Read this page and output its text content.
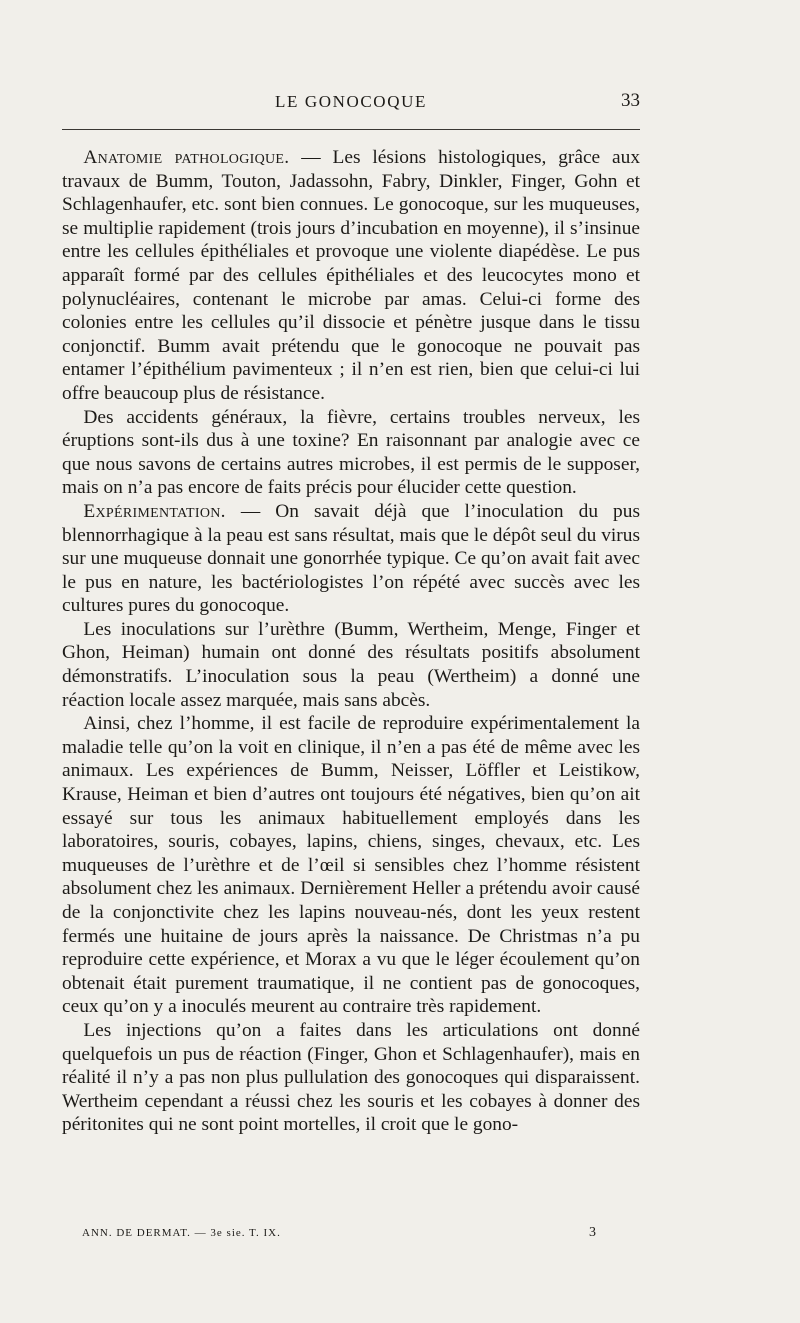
LE GONOCOQUE	33

Anatomie pathologique. — Les lésions histologiques, grâce aux travaux de Bumm, Touton, Jadassohn, Fabry, Dinkler, Finger, Gohn et Schlagenhaufer, etc. sont bien connues. Le gonocoque, sur les muqueuses, se multiplie rapidement (trois jours d’incubation en moyenne), il s’insinue entre les cellules épithéliales et provoque une violente diapédèse. Le pus apparaît formé par des cellules épithéliales et des leucocytes mono et polynucléaires, contenant le microbe par amas. Celui-ci forme des colonies entre les cellules qu’il dissocie et pénètre jusque dans le tissu conjonctif. Bumm avait prétendu que le gonocoque ne pouvait pas entamer l’épithélium pavimenteux ; il n’en est rien, bien que celui-ci lui offre beaucoup plus de résistance.

Des accidents généraux, la fièvre, certains troubles nerveux, les éruptions sont-ils dus à une toxine? En raisonnant par analogie avec ce que nous savons de certains autres microbes, il est permis de le supposer, mais on n’a pas encore de faits précis pour élucider cette question.

Expérimentation. — On savait déjà que l’inoculation du pus blennorrhagique à la peau est sans résultat, mais que le dépôt seul du virus sur une muqueuse donnait une gonorrhée typique. Ce qu’on avait fait avec le pus en nature, les bactériologistes l’on répété avec succès avec les cultures pures du gonocoque.

Les inoculations sur l’urèthre (Bumm, Wertheim, Menge, Finger et Ghon, Heiman) humain ont donné des résultats positifs absolument démonstratifs. L’inoculation sous la peau (Wertheim) a donné une réaction locale assez marquée, mais sans abcès.

Ainsi, chez l’homme, il est facile de reproduire expérimentalement la maladie telle qu’on la voit en clinique, il n’en a pas été de même avec les animaux. Les expériences de Bumm, Neisser, Löffler et Leistikow, Krause, Heiman et bien d’autres ont toujours été négatives, bien qu’on ait essayé sur tous les animaux habituellement employés dans les laboratoires, souris, cobayes, lapins, chiens, singes, chevaux, etc. Les muqueuses de l’urèthre et de l’œil si sensibles chez l’homme résistent absolument chez les animaux. Dernièrement Heller a prétendu avoir causé de la conjonctivite chez les lapins nouveau-nés, dont les yeux restent fermés une huitaine de jours après la naissance. De Christmas n’a pu reproduire cette expérience, et Morax a vu que le léger écoulement qu’on obtenait était purement traumatique, il ne contient pas de gonocoques, ceux qu’on y a inoculés meurent au contraire très rapidement.

Les injections qu’on a faites dans les articulations ont donné quelquefois un pus de réaction (Finger, Ghon et Schlagenhaufer), mais en réalité il n’y a pas non plus pullulation des gonocoques qui disparaissent. Wertheim cependant a réussi chez les souris et les cobayes à donner des péritonites qui ne sont point mortelles, il croit que le gono-

ANN. DE DERMAT. — 3e sie. T. IX.	3
